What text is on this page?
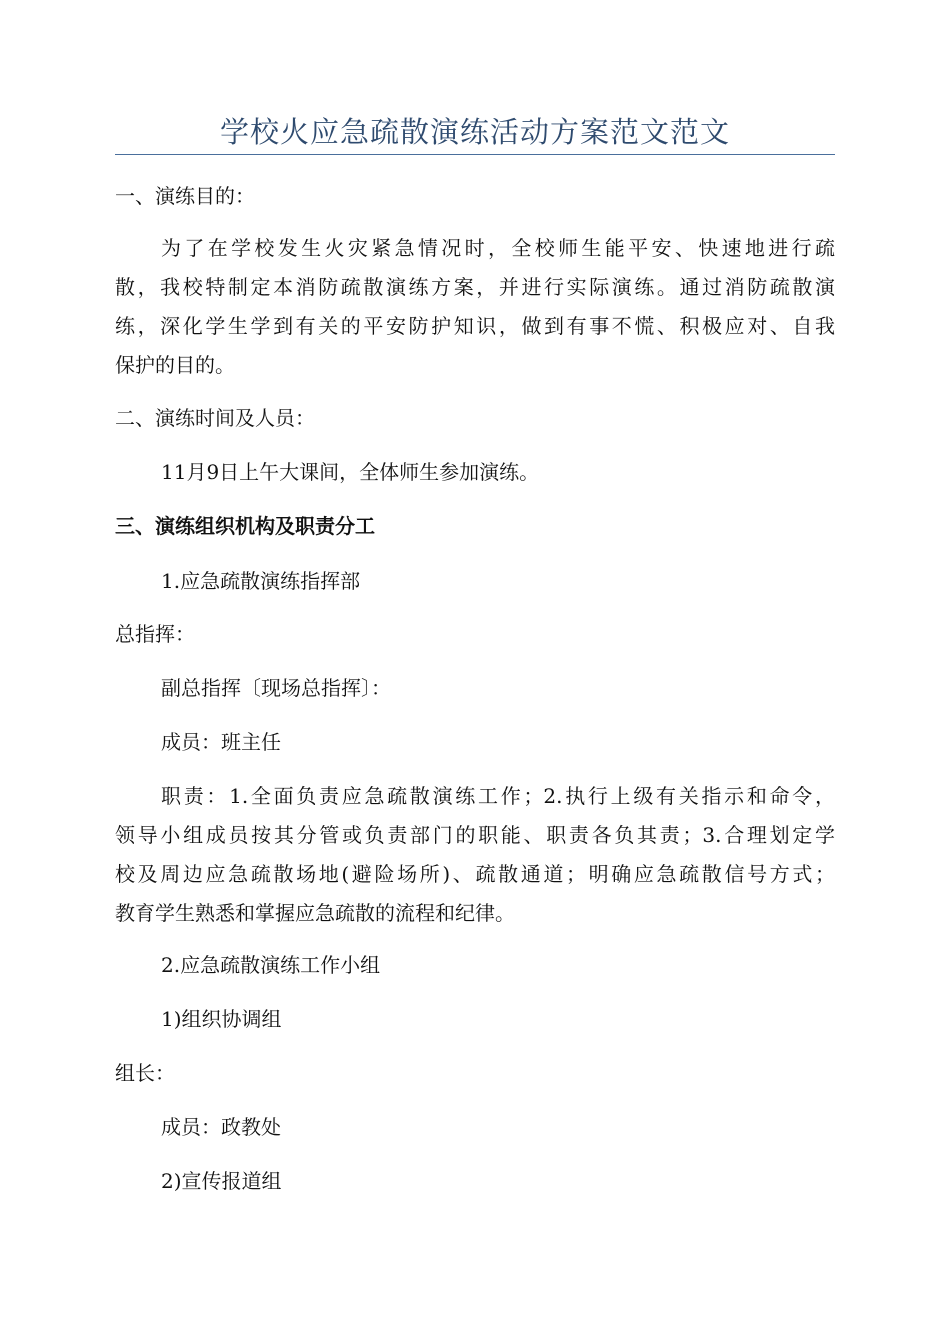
学校火应急疏散演练活动方案范文范文
一、演练目的：
为了在学校发生火灾紧急情况时，全校师生能平安、快速地进行疏
散，我校特制定本消防疏散演练方案，并进行实际演练。通过消防疏散演
练，深化学生学到有关的平安防护知识，做到有事不慌、积极应对、自我
保护的目的。
二、演练时间及人员：
11月9日上午大课间，全体师生参加演练。
三、演练组织机构及职责分工
1.应急疏散演练指挥部
总指挥：
副总指挥〔现场总指挥〕：
成员：班主任
职责：1.全面负责应急疏散演练工作；2.执行上级有关指示和命令，
领导小组成员按其分管或负责部门的职能、职责各负其责；3.合理划定学
校及周边应急疏散场地(避险场所)、疏散通道；明确应急疏散信号方式；
教育学生熟悉和掌握应急疏散的流程和纪律。
2.应急疏散演练工作小组
1)组织协调组
组长：
成员：政教处
2)宣传报道组
